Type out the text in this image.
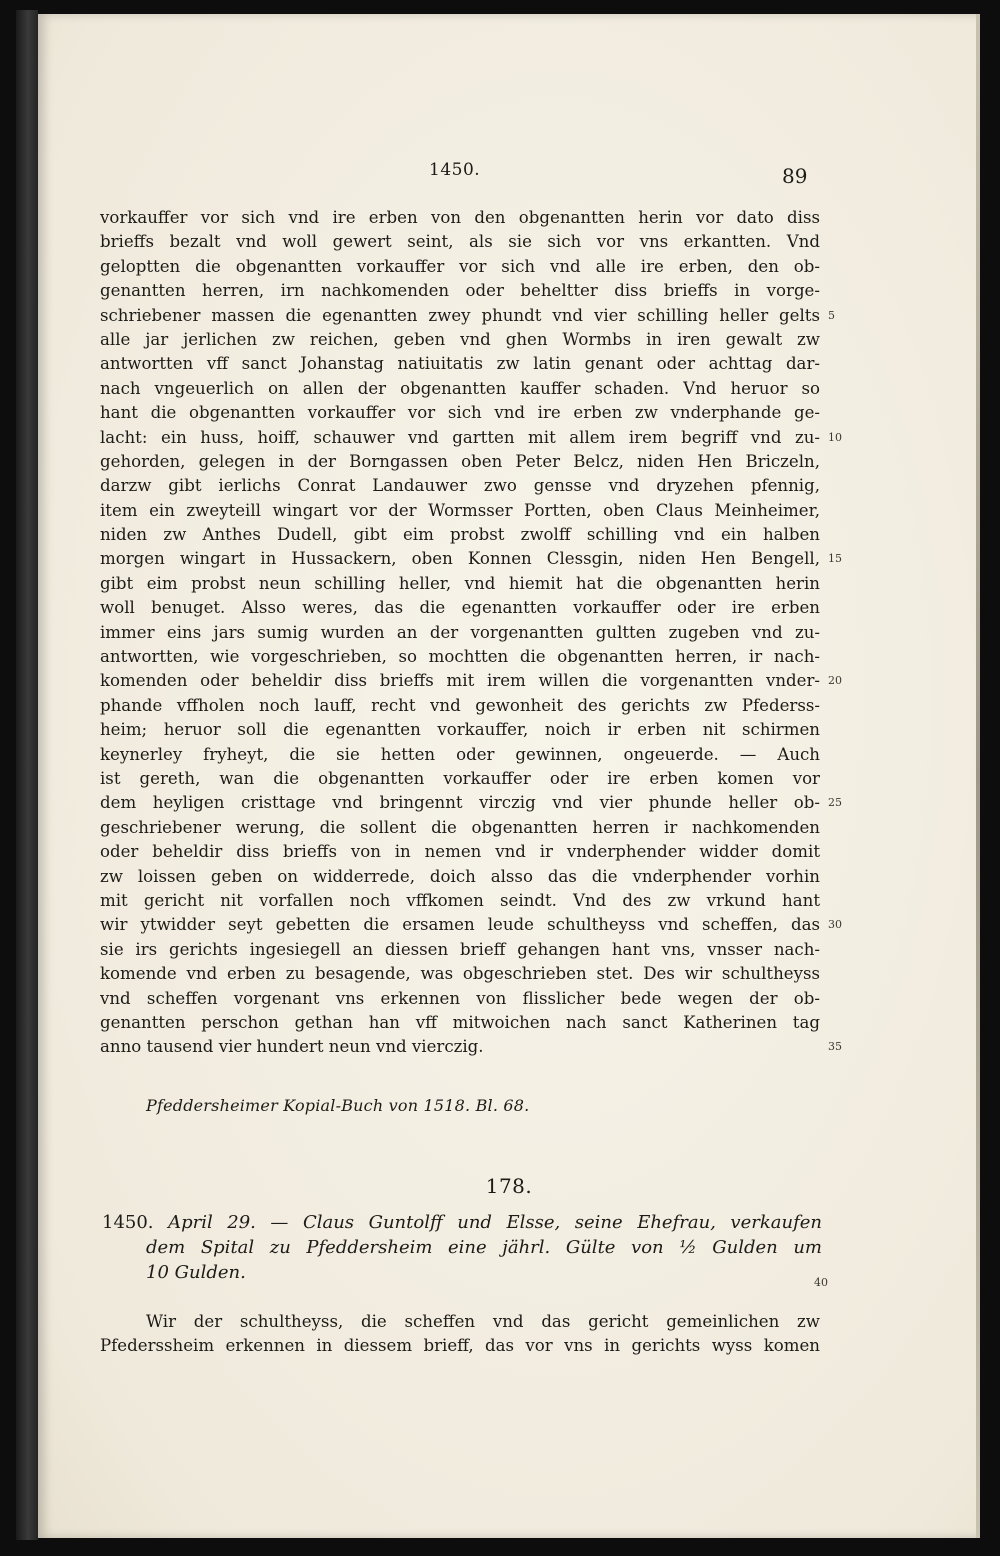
1450.	89
vorkauffer vor sich vnd ire erben von den obgenantten herin vor dato diss
brieffs bezalt vnd woll gewert seint, als sie sich vor vns erkantten. Vnd
geloptten die obgenantten vorkauffer vor sich vnd alle ire erben, den ob-
genantten herren, irn nachkomenden oder beheltter diss brieffs in vorge-
schriebener massen die egenantten zwey phundt vnd vier schilling heller gelts 5
alle jar jerlichen zw reichen, geben vnd ghen Wormbs in iren gewalt zw
antwortten vff sanct Johanstag natiuitatis zw latin genant oder achttag dar-
nach vngeuerlich on allen der obgenantten kauffer schaden. Vnd heruor so
hant die obgenantten vorkauffer vor sich vnd ire erben zw vnderphande ge-
lacht: ein huss, hoiff, schauwer vnd gartten mit allem irem begriff vnd zu- 10
gehorden, gelegen in der Borngassen oben Peter Belcz, niden Hen Briczeln,
darzw gibt ierlichs Conrat Landauwer zwo gensse vnd dryzehen pfennig,
item ein zweyteill wingart vor der Wormsser Portten, oben Claus Meinheimer,
niden zw Anthes Dudell, gibt eim probst zwolff schilling vnd ein halben
morgen wingart in Hussackern, oben Konnen Clessgin, niden Hen Bengell, 15
gibt eim probst neun schilling heller, vnd hiemit hat die obgenantten herin
woll benuget. Alsso weres, das die egenantten vorkauffer oder ire erben
immer eins jars sumig wurden an der vorgenantten gultten zugeben vnd zu-
antwortten, wie vorgeschrieben, so mochtten die obgenantten herren, ir nach-
komenden oder beheldir diss brieffs mit irem willen die vorgenantten vnder- 20
phande vffholen noch lauff, recht vnd gewonheit des gerichts zw Pfederss-
heim; heruor soll die egenantten vorkauffer, noich ir erben nit schirmen
keynerley fryheyt, die sie hetten oder gewinnen, ongeuerde. — Auch
ist gereth, wan die obgenantten vorkauffer oder ire erben komen vor
dem heyligen cristtage vnd bringennt virczig vnd vier phunde heller ob- 25
geschriebener werung, die sollent die obgenantten herren ir nachkomenden
oder beheldir diss brieffs von in nemen vnd ir vnderphender widder domit
zw loissen geben on widderrede, doich alsso das die vnderphender vorhin
mit gericht nit vorfallen noch vffkomen seindt. Vnd des zw vrkund hant
wir ytwidder seyt gebetten die ersamen leude schultheyss vnd scheffen, das 30
sie irs gerichts ingesiegell an diessen brieff gehangen hant vns, vnsser nach-
komende vnd erben zu besagende, was obgeschrieben stet. Des wir schultheyss
vnd scheffen vorgenant vns erkennen von flisslicher bede wegen der ob-
genantten perschon gethan han vff mitwoichen nach sanct Katherinen tag
anno tausend vier hundert neun vnd vierczig.	35
Pfeddersheimer Kopial-Buch von 1518. Bl. 68.
178.
1450. April 29. — Claus Guntolff und Elsse, seine Ehefrau, verkaufen
dem Spital zu Pfeddersheim eine jährl. Gülte von ½ Gulden um
10 Gulden.	40
Wir der schultheyss, die scheffen vnd das gericht gemeinlichen zw
Pfederssheim erkennen in diessem brieff, das vor vns in gerichts wyss komen
